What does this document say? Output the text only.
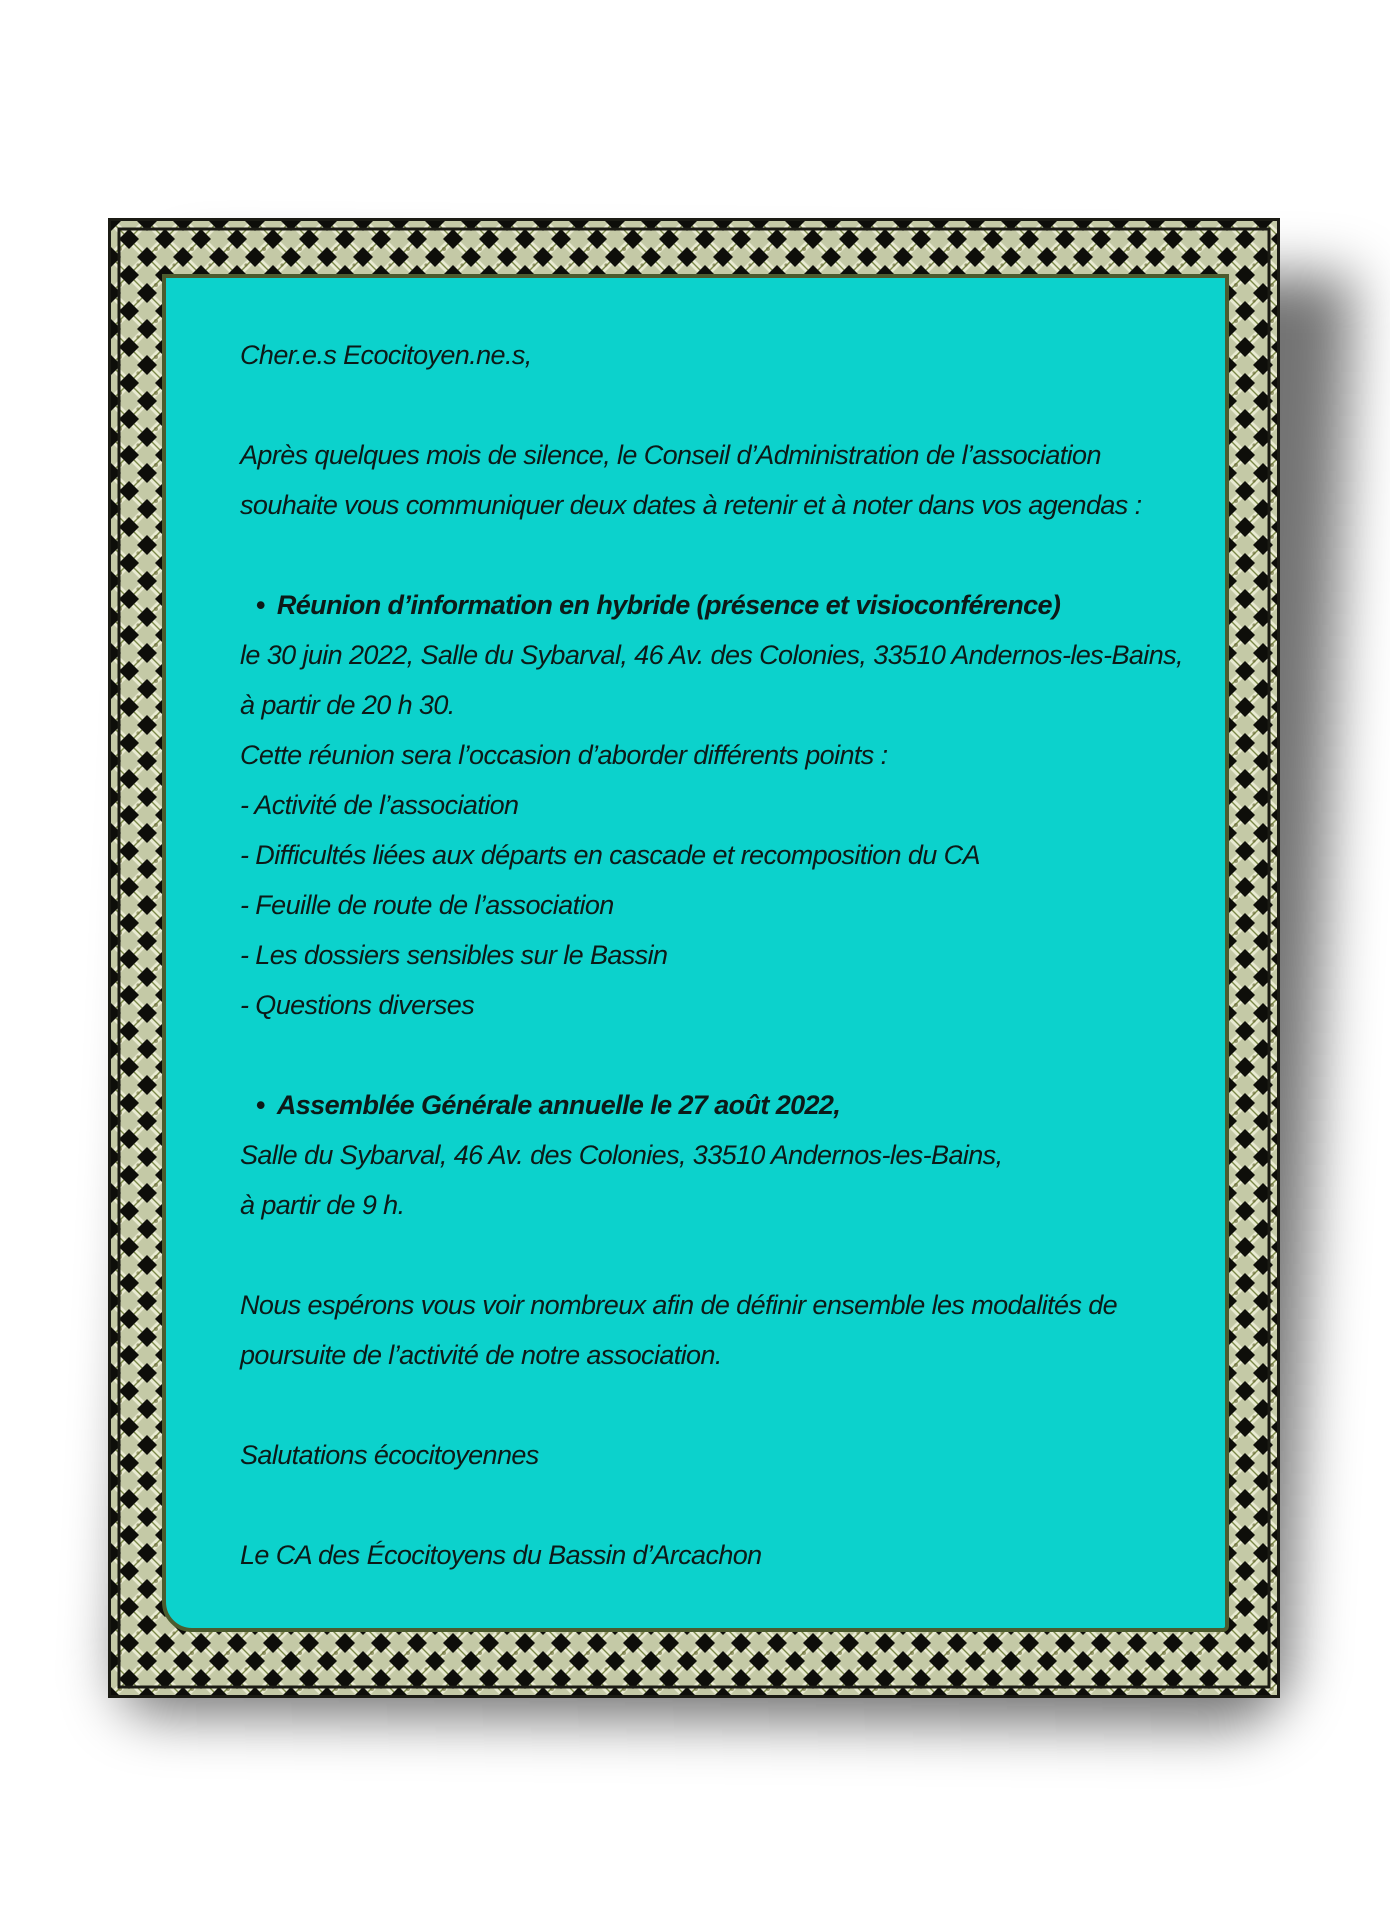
Cher.e.s Ecocitoyen.ne.s,

Après quelques mois de silence, le Conseil d’Administration de l’association

souhaite vous communiquer deux dates à retenir et à noter dans vos agendas :

• Réunion d’information en hybride (présence et visioconférence)

le 30 juin 2022, Salle du Sybarval, 46 Av. des Colonies, 33510 Andernos-les-Bains,

à partir de 20 h 30.

Cette réunion sera l’occasion d’aborder différents points :

- Activité de l’association

- Difficultés liées aux départs en cascade et recomposition du CA

- Feuille de route de l’association

- Les dossiers sensibles sur le Bassin

- Questions diverses

• Assemblée Générale annuelle le 27 août 2022,

Salle du Sybarval, 46 Av. des Colonies, 33510 Andernos-les-Bains,

à partir de 9 h.

Nous espérons vous voir nombreux afin de définir ensemble les modalités de

poursuite de l’activité de notre association.

Salutations écocitoyennes

Le CA des Écocitoyens du Bassin d’Arcachon
